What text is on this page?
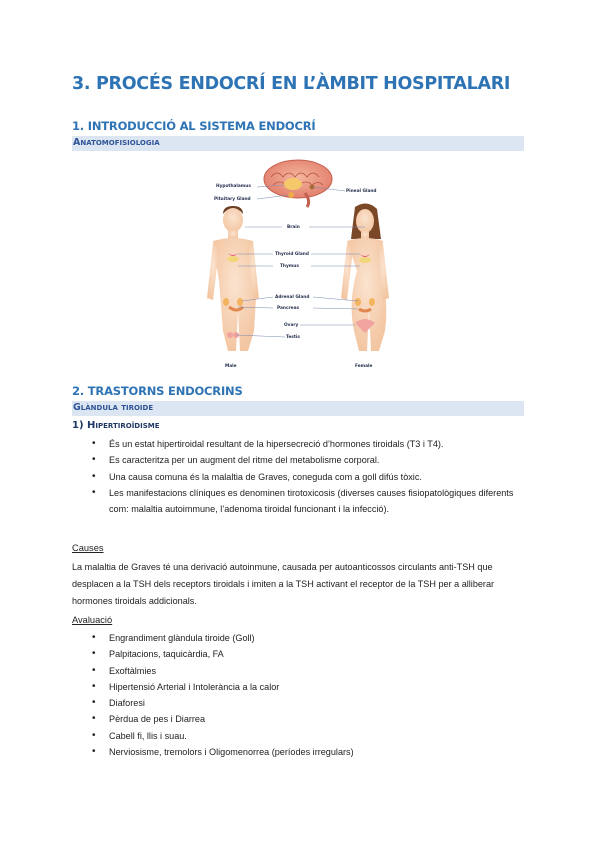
3. PROCÉS ENDOCRÍ EN L’ÀMBIT HOSPITALARI
1. INTRODUCCIÓ AL SISTEMA ENDOCRÍ
Anatomofisiologia
Hypothalamus
Pituitary Gland
Pineal Gland
Brain
Thyroid Gland
Thymus
Adrenal Gland
Pancreas
Ovary
Testis
Male	Female
2. TRASTORNS ENDOCRINS
Glàndula tiroide
1) Hipertiroïdisme
• És un estat hipertiroidal resultant de la hipersecreció d’hormones tiroidals (T3 i T4).
• Es caracteritza per un augment del ritme del metabolisme corporal.
• Una causa comuna és la malaltia de Graves, coneguda com a goll difús tòxic.
• Les manifestacions clíniques es denominen tirotoxicosis (diverses causes fisiopatològiques diferents com: malaltia autoimmune, l’adenoma tiroidal funcionant i la infecció).
Causes
La malaltia de Graves té una derivació autoinmune, causada per autoanticossos circulants anti-TSH que desplacen a la TSH dels receptors tiroidals i imiten a la TSH activant el receptor de la TSH per a alliberar hormones tiroidals addicionals.
Avaluació
• Engrandiment glàndula tiroide (Goll)
• Palpitacions, taquicàrdia, FA
• Exoftàlmies
• Hipertensió Arterial i Intolerància a la calor
• Diaforesi
• Pèrdua de pes i Diarrea
• Cabell fi, llis i suau.
• Nerviosisme, tremolors i Oligomenorrea (períodes irregulars)
